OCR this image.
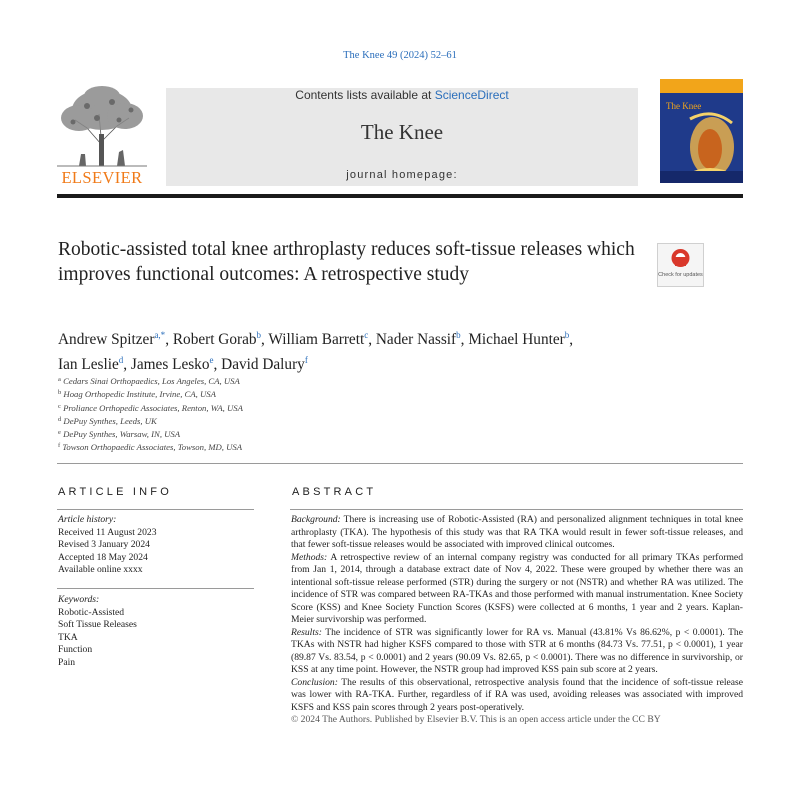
The Knee 49 (2024) 52–61
ELSEVIER
Contents lists available at ScienceDirect
The Knee
journal homepage:
The Knee
Robotic-assisted total knee arthroplasty reduces soft-tissue releases which improves functional outcomes: A retrospective study	Check for updates
Andrew Spitzer$^{a,*}$, Robert Gorab$^b$, William Barrett$^c$, Nader Nassif$^b$, Michael Hunter$^b$,
Ian Leslie$^d$, James Lesko$^e$, David Dalury$^f$
$^a$ Cedars Sinai Orthopaedics, Los Angeles, CA, USA
$^b$ Hoag Orthopedic Institute, Irvine, CA, USA
$^c$ Proliance Orthopedic Associates, Renton, WA, USA
$^d$ DePuy Synthes, Leeds, UK
$^e$ DePuy Synthes, Warsaw, IN, USA
$^f$ Towson Orthopaedic Associates, Towson, MD, USA
ARTICLE INFO
Article history:
Received 11 August 2023
Revised 3 January 2024
Accepted 18 May 2024
Available online xxxx
Keywords:
Robotic-Assisted
Soft Tissue Releases
TKA
Function
Pain
ABSTRACT

Background: There is increasing use of Robotic-Assisted (RA) and personalized alignment techniques in total knee arthroplasty (TKA). The hypothesis of this study was that RA TKA would result in fewer soft-tissue releases, and that fewer soft-tissue releases would be associated with improved clinical outcomes.

Methods: A retrospective review of an internal company registry was conducted for all primary TKAs performed from Jan 1, 2014, through a database extract date of Nov 4, 2022. These were grouped by whether there was an intentional soft-tissue release performed (STR) during the surgery or not (NSTR) and whether RA was utilized. The incidence of STR was compared between RA-TKAs and those performed with manual instrumentation. Knee Society Score (KSS) and Knee Society Function Scores (KSFS) were collected at 6 months, 1 year and 2 years. Kaplan-Meier survivorship was performed.

Results: The incidence of STR was significantly lower for RA vs. Manual (43.81% Vs 86.62%, p < 0.0001). The TKAs with NSTR had higher KSFS compared to those with STR at 6 months (84.73 Vs. 77.51, p < 0.0001), 1 year (89.87 Vs. 83.54, p < 0.0001) and 2 years (90.09 Vs. 82.65, p < 0.0001). There was no difference in survivorship, or KSS at any time point. However, the NSTR group had improved KSS pain sub score at 2 years.

Conclusion: The results of this observational, retrospective analysis found that the incidence of soft-tissue release was lower with RA-TKA. Further, regardless of if RA was used, avoiding releases was associated with improved KSFS and KSS pain scores through 2 years post-operatively.

© 2024 The Authors. Published by Elsevier B.V. This is an open access article under the CC BY
